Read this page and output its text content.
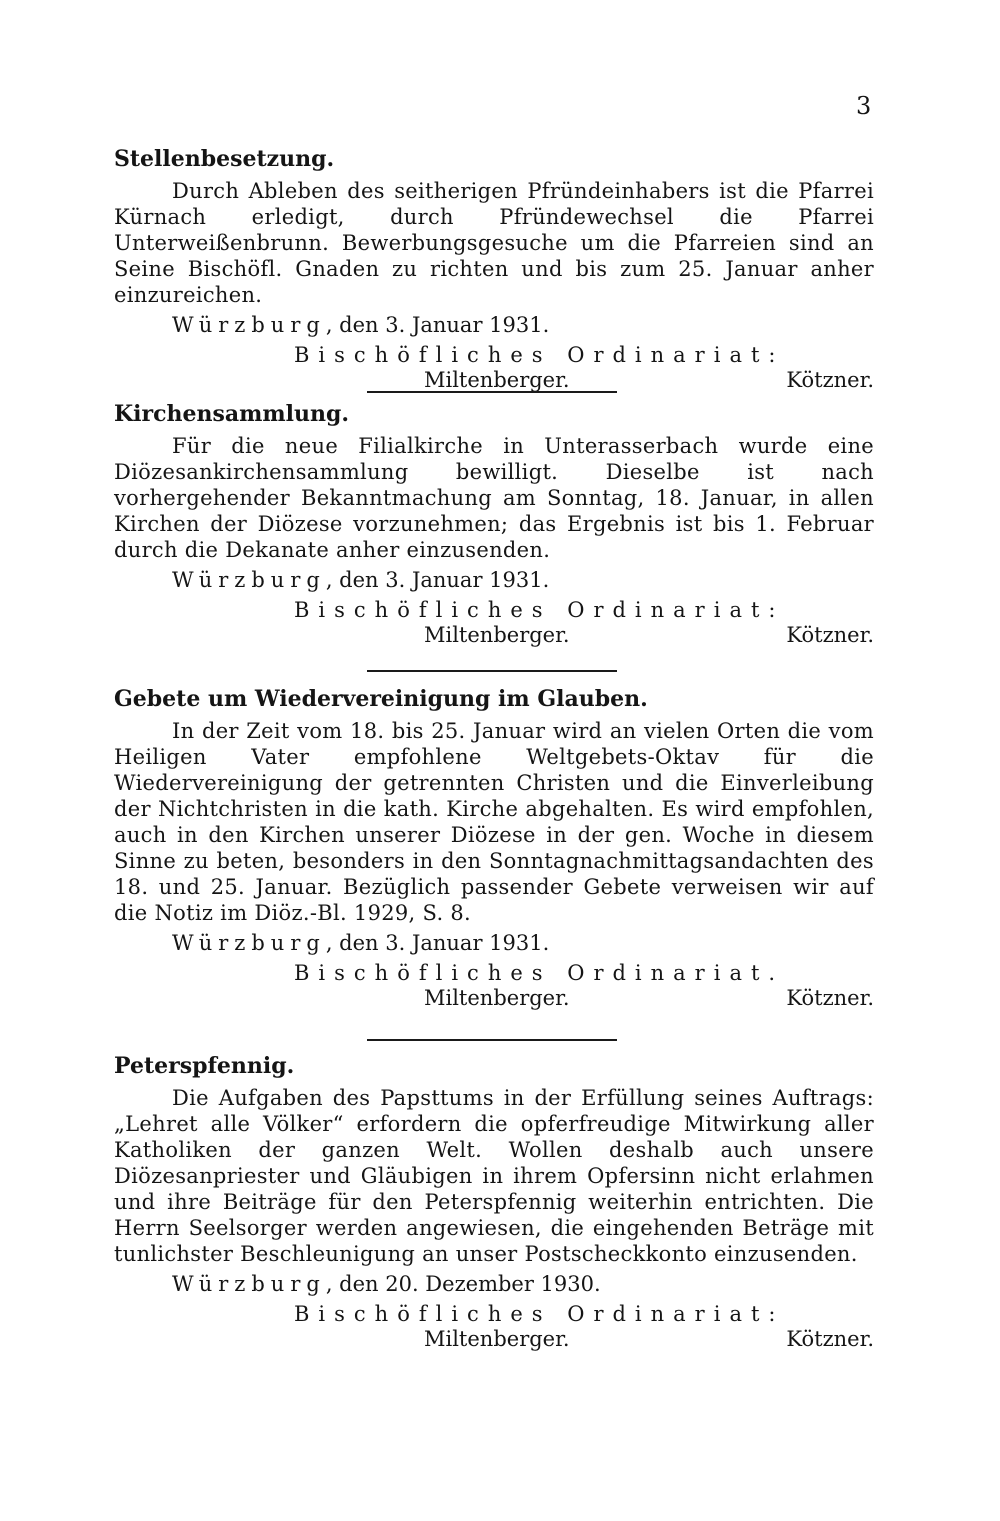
3
Stellenbesetzung.

Durch Ableben des seitherigen Pfründeinhabers ist die Pfarrei Kürnach erledigt, durch Pfründewechsel die Pfarrei Unterweißenbrunn. Bewerbungsgesuche um die Pfarreien sind an Seine Bischöfl. Gnaden zu richten und bis zum 25. Januar anher einzureichen.

Würzburg, den 3. Januar 1931.
Bischöfliches Ordinariat:
Miltenberger.	Kötzner.
Kirchensammlung.

Für die neue Filialkirche in Unterasserbach wurde eine Diözesankirchensammlung bewilligt. Dieselbe ist nach vorhergehender Bekanntmachung am Sonntag, 18. Januar, in allen Kirchen der Diözese vorzunehmen; das Ergebnis ist bis 1. Februar durch die Dekanate anher einzusenden.

Würzburg, den 3. Januar 1931.
Bischöfliches Ordinariat:
Miltenberger.	Kötzner.
Gebete um Wiedervereinigung im Glauben.

In der Zeit vom 18. bis 25. Januar wird an vielen Orten die vom Heiligen Vater empfohlene Weltgebets-Oktav für die Wiedervereinigung der getrennten Christen und die Einverleibung der Nichtchristen in die kath. Kirche abgehalten. Es wird empfohlen, auch in den Kirchen unserer Diözese in der gen. Woche in diesem Sinne zu beten, besonders in den Sonntagnachmittagsandachten des 18. und 25. Januar. Bezüglich passender Gebete verweisen wir auf die Notiz im Diöz.-Bl. 1929, S. 8.

Würzburg, den 3. Januar 1931.
Bischöfliches Ordinariat.
Miltenberger.	Kötzner.
Peterspfennig.

Die Aufgaben des Papsttums in der Erfüllung seines Auftrags: „Lehret alle Völker“ erfordern die opferfreudige Mitwirkung aller Katholiken der ganzen Welt. Wollen deshalb auch unsere Diözesanpriester und Gläubigen in ihrem Opfersinn nicht erlahmen und ihre Beiträge für den Peterspfennig weiterhin entrichten. Die Herrn Seelsorger werden angewiesen, die eingehenden Beträge mit tunlichster Beschleunigung an unser Postscheckkonto einzusenden.

Würzburg, den 20. Dezember 1930.
Bischöfliches Ordinariat:
Miltenberger.	Kötzner.
